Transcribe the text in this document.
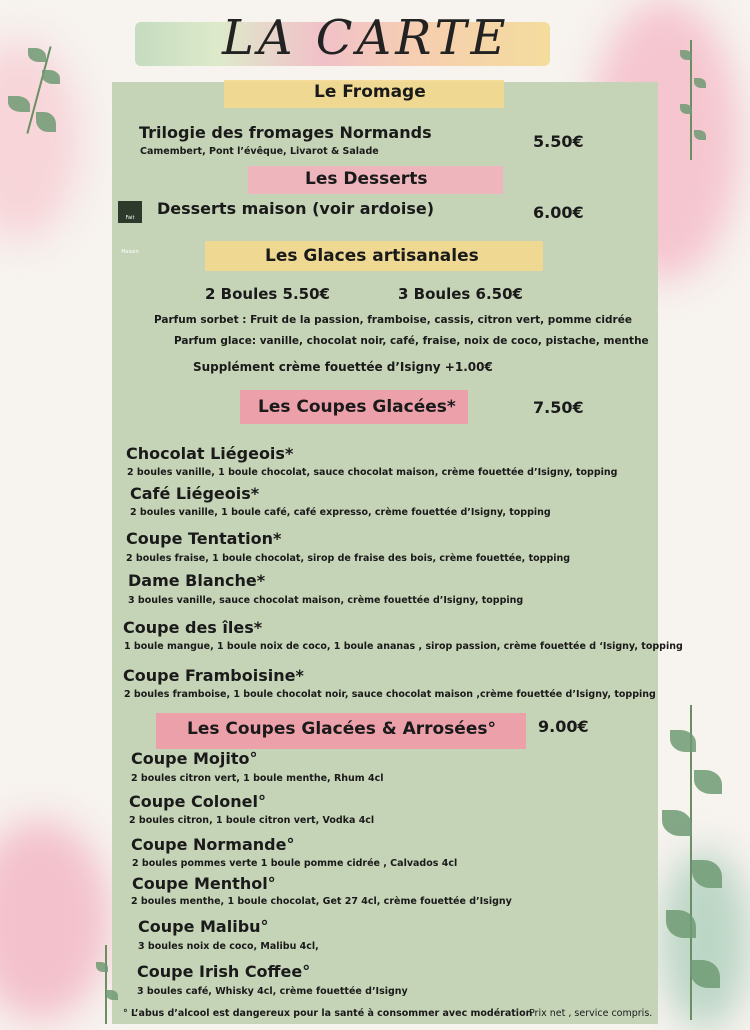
LA CARTE
Le Fromage
Trilogie des fromages Normands
Camembert, Pont l’évêque, Livarot & Salade
5.50€
Les Desserts
Fait Maison
Desserts maison (voir ardoise)	6.00€
Les Glaces artisanales
2 Boules 5.50€	3 Boules 6.50€
Parfum sorbet : Fruit de la passion, framboise, cassis, citron vert, pomme cidrée
Parfum glace: vanille, chocolat noir, café, fraise, noix de coco, pistache, menthe
Supplément crème fouettée d’Isigny +1.00€
Les Coupes Glacées*	7.50€
Chocolat Liégeois*
2 boules vanille, 1 boule chocolat, sauce chocolat maison, crème fouettée d’Isigny, topping
Café Liégeois*
2 boules vanille, 1 boule café, café expresso, crème fouettée d’Isigny, topping
Coupe Tentation*
2 boules fraise, 1 boule chocolat, sirop de fraise des bois, crème fouettée, topping
Dame Blanche*
3 boules vanille, sauce chocolat maison, crème fouettée d’Isigny, topping
Coupe des îles*
1 boule mangue, 1 boule noix de coco, 1 boule ananas , sirop passion, crème fouettée d ‘Isigny, topping
Coupe Framboisine*
2 boules framboise, 1 boule chocolat noir, sauce chocolat maison ,crème fouettée d’Isigny, topping
Les Coupes Glacées & Arrosées°	9.00€
Coupe Mojito°
2 boules citron vert, 1 boule menthe, Rhum 4cl
Coupe Colonel°
2 boules citron, 1 boule citron vert, Vodka 4cl
Coupe Normande°
2 boules pommes verte 1 boule pomme cidrée , Calvados 4cl
Coupe Menthol°
2 boules menthe, 1 boule chocolat, Get 27 4cl, crème fouettée d’Isigny
Coupe Malibu°
3 boules noix de coco, Malibu 4cl,
Coupe Irish Coffee°
3 boules café, Whisky 4cl, crème fouettée d’Isigny
° L’abus d’alcool est dangereux pour la santé à consommer avec modération
Prix net , service compris.
